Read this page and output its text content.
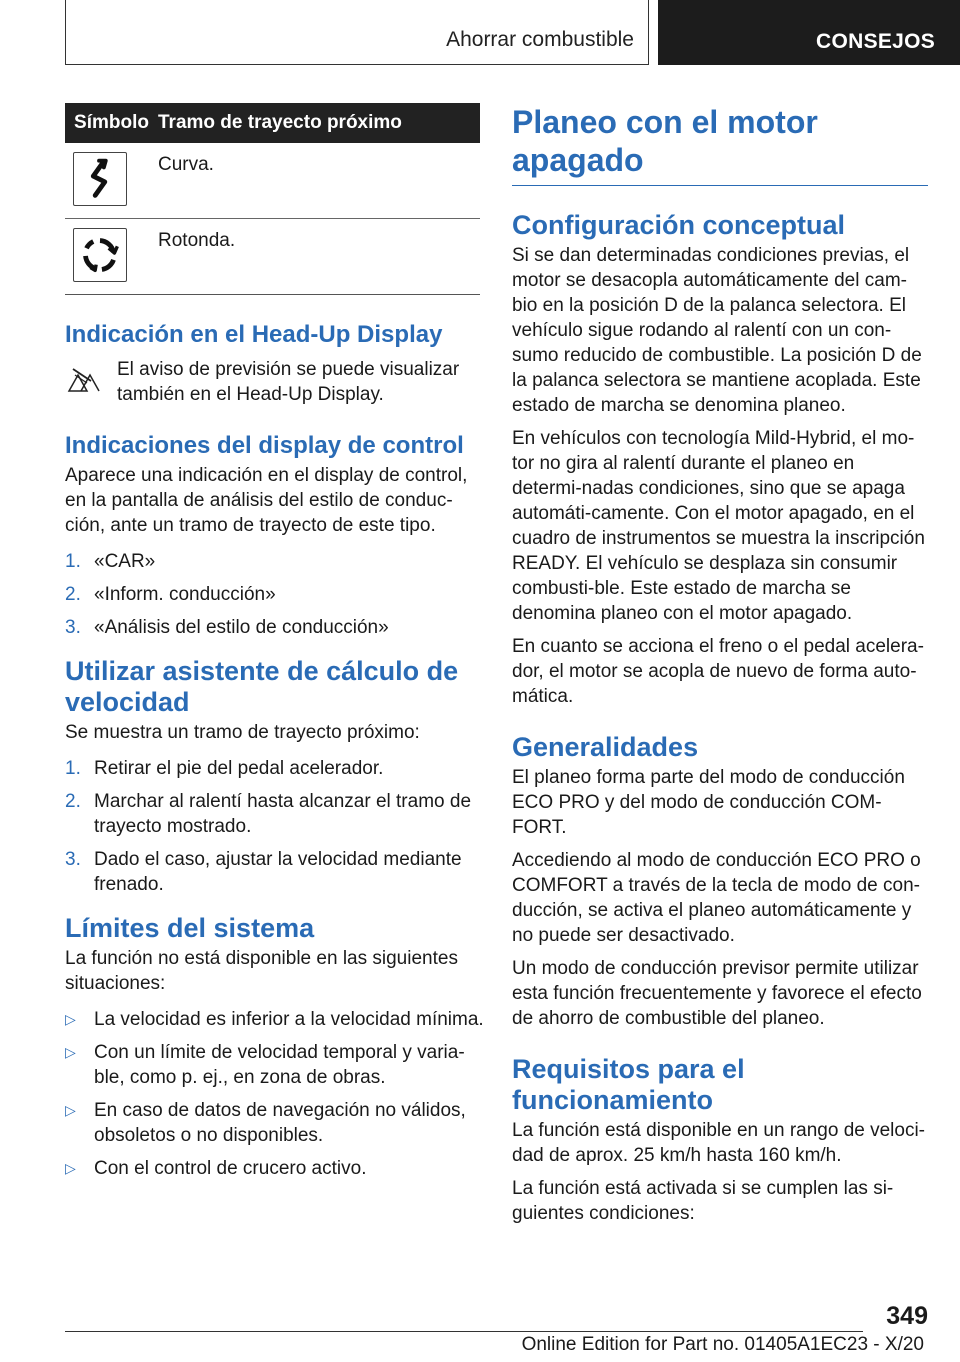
Ahorrar combustible	CONSEJOS
Símbolo	Tramo de trayecto próximo

	Curva.

	Rotonda.
Indicación en el Head-Up Display

El aviso de previsión se puede visualizar también en el Head-Up Display.

Indicaciones del display de control

Aparece una indicación en el display de control, en la pantalla de análisis del estilo de conduc-ción, ante un tramo de trayecto de este tipo.

1. «CAR»
2. «Inform. conducción»
3. «Análisis del estilo de conducción»
Utilizar asistente de cálculo de velocidad

Se muestra un tramo de trayecto próximo:

1. Retirar el pie del pedal acelerador.
2. Marchar al ralentí hasta alcanzar el tramo de trayecto mostrado.
3. Dado el caso, ajustar la velocidad mediante frenado.
Límites del sistema

La función no está disponible en las siguientes situaciones:

▷ La velocidad es inferior a la velocidad mínima.
▷ Con un límite de velocidad temporal y varia-ble, como p. ej., en zona de obras.
▷ En caso de datos de navegación no válidos, obsoletos o no disponibles.
▷ Con el control de crucero activo.
Planeo con el motor apagado
Configuración conceptual

Si se dan determinadas condiciones previas, el motor se desacopla automáticamente del cam-bio en la posición D de la palanca selectora. El vehículo sigue rodando al ralentí con un con-sumo reducido de combustible. La posición D de la palanca selectora se mantiene acoplada. Este estado de marcha se denomina planeo.

En vehículos con tecnología Mild-Hybrid, el mo-tor no gira al ralentí durante el planeo en determi-nadas condiciones, sino que se apaga automáti-camente. Con el motor apagado, en el cuadro de instrumentos se muestra la inscripción READY. El vehículo se desplaza sin consumir combusti-ble. Este estado de marcha se denomina planeo con el motor apagado.

En cuanto se acciona el freno o el pedal acelera-dor, el motor se acopla de nuevo de forma auto-mática.

Generalidades

El planeo forma parte del modo de conducción ECO PRO y del modo de conducción COM-FORT.

Accediendo al modo de conducción ECO PRO o COMFORT a través de la tecla de modo de con-ducción, se activa el planeo automáticamente y no puede ser desactivado.

Un modo de conducción previsor permite utilizar esta función frecuentemente y favorece el efecto de ahorro de combustible del planeo.

Requisitos para el funcionamiento

La función está disponible en un rango de veloci-dad de aprox. 25 km/h hasta 160 km/h.

La función está activada si se cumplen las si-guientes condiciones:

349
Online Edition for Part no. 01405A1EC23 - X/20
